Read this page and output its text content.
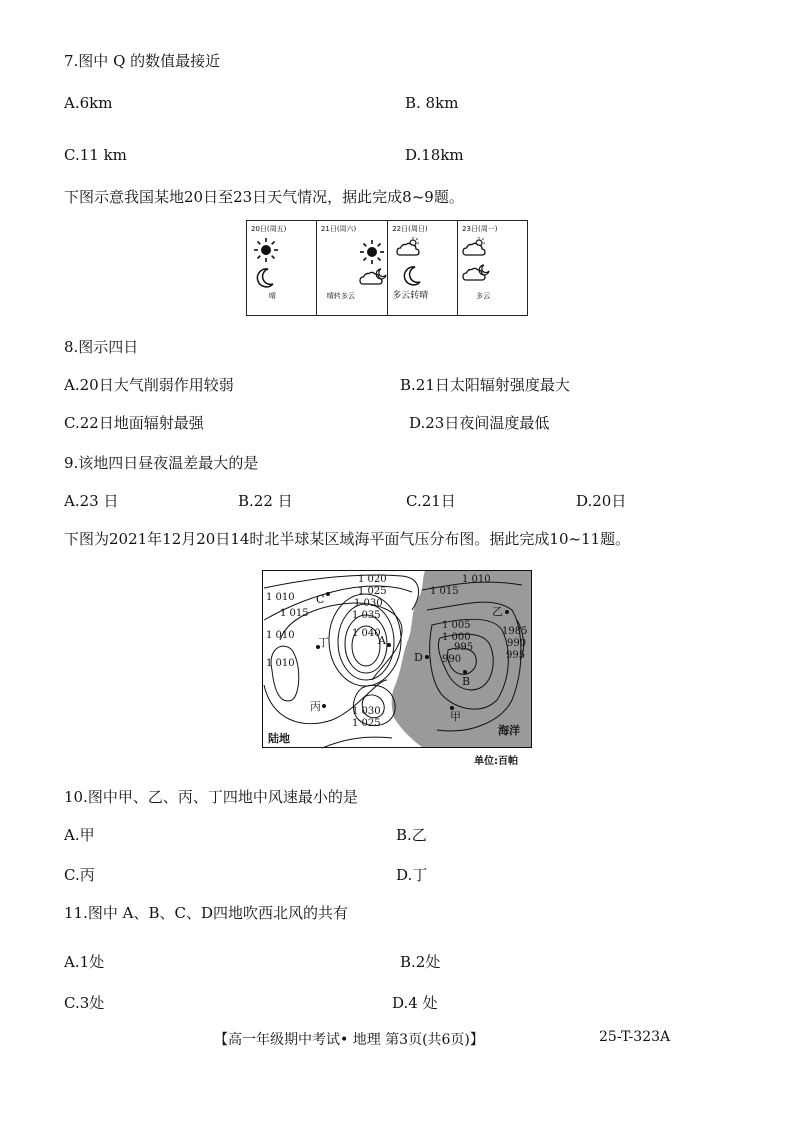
7.图中 Q 的数值最接近
A.6km	B. 8km
C.11 km	D.18km
下图示意我国某地20日至23日天气情况，据此完成8~9题。
20日(周五)
晴
21日(周六)
晴转多云
22日(周日)
多云转晴
23日(周一)
多云
8.图示四日
A.20日大气削弱作用较弱	B.21日太阳辐射强度最大
C.22日地面辐射最强	D.23日夜间温度最低
9.该地四日昼夜温差最大的是
A.23 日	B.22 日	C.21日	D.20日
下图为2021年12月20日14时北半球某区域海平面气压分布图。据此完成10~11题。
1 010
1 020
1 025
1 030
1 035
1 040
1 015
1 010
1 015
1 010
1 005
1 000
995
990
1985
990
995
1 030
1 025
1 010
A
B
C
D
甲
乙
丙
丁
陆地
海洋
单位:百帕
10.图中甲、乙、丙、丁四地中风速最小的是
A.甲	B.乙
C.丙	D.丁
11.图中 A、B、C、D四地吹西北风的共有
A.1处	B.2处
C.3处	D.4 处
【高一年级期中考试• 地理 第3页(共6页)】	25-T-323A
